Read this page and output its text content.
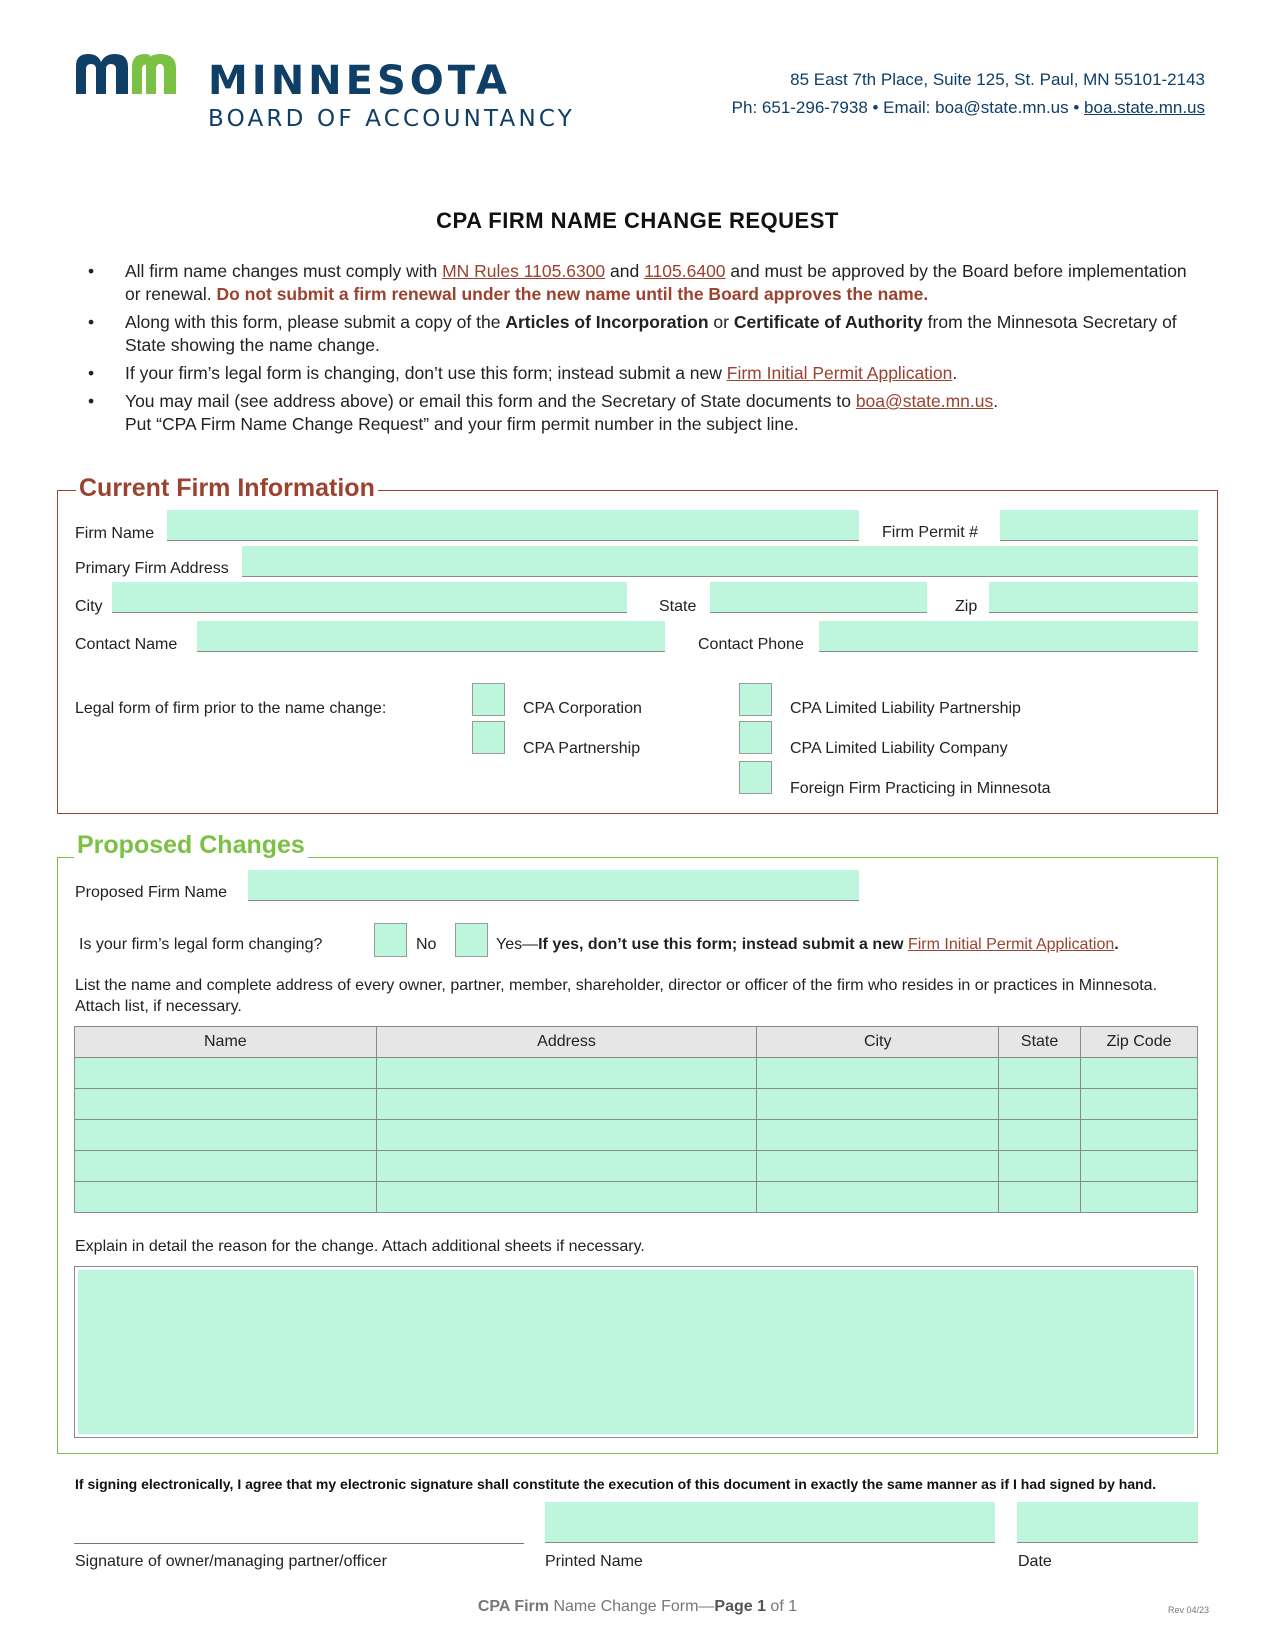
MINNESOTA
BOARD OF ACCOUNTANCY
85 East 7th Place, Suite 125, St. Paul, MN 55101-2143
Ph: 651-296-7938 • Email: boa@state.mn.us • boa.state.mn.us
CPA FIRM NAME CHANGE REQUEST
• All firm name changes must comply with MN Rules 1105.6300 and 1105.6400 and must be approved by the Board before implementation or renewal. Do not submit a firm renewal under the new name until the Board approves the name.
• Along with this form, please submit a copy of the Articles of Incorporation or Certificate of Authority from the Minnesota Secretary of State showing the name change.
• If your firm’s legal form is changing, don’t use this form; instead submit a new Firm Initial Permit Application.
• You may mail (see address above) or email this form and the Secretary of State documents to boa@state.mn.us.
Put “CPA Firm Name Change Request” and your firm permit number in the subject line.
Current Firm Information
Firm Name	Firm Permit #
Primary Firm Address
City	State	Zip
Contact Name	Contact Phone
Legal form of firm prior to the name change:	CPA Corporation
CPA Partnership
CPA Limited Liability Partnership
CPA Limited Liability Company
Foreign Firm Practicing in Minnesota
Proposed Changes
Proposed Firm Name
Is your firm’s legal form changing?	No	Yes—If yes, don’t use this form; instead submit a new Firm Initial Permit Application.
List the name and complete address of every owner, partner, member, shareholder, director or officer of the firm who resides in or practices in Minnesota. Attach list, if necessary.
Name	Address	City	State	Zip Code

Explain in detail the reason for the change. Attach additional sheets if necessary.
If signing electronically, I agree that my electronic signature shall constitute the execution of this document in exactly the same manner as if I had signed by hand.
Signature of owner/managing partner/officer	Printed Name	Date
CPA Firm Name Change Form—Page 1 of 1	Rev 04/23
